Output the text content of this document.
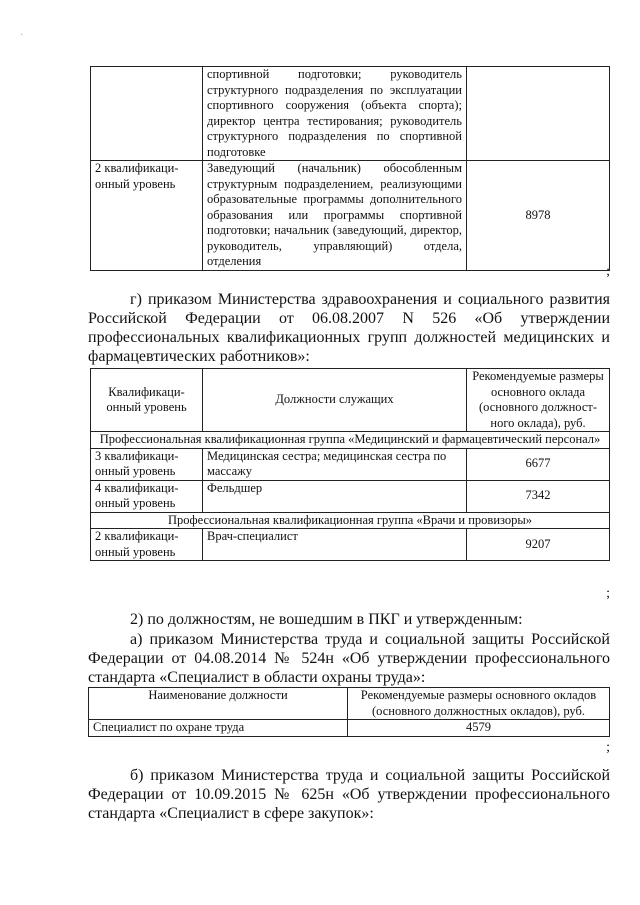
·
	спортивной подготовки; руководитель структурного подразделения по эксплуатации спортивного сооружения (объекта спорта); директор центра тестирования; руководитель структурного подразделения по спортивной подготовке	
2 квалификационный уровень	Заведующий (начальник) обособленным структурным подразделением, реализующими образовательные программы дополнительного образования или программы спортивной подготовки; начальник (заведующий, директор, руководитель, управляющий) отдела, отделения	8978
;
г) приказом Министерства здравоохранения и социального развития Российской Федерации от 06.08.2007 N 526 «Об утверждении профессиональных квалификационных групп должностей медицинских и фармацевтических работников»:
Квалификационный уровень	Должности служащих	Рекомендуемые размеры основного оклада (основного должностного оклада), руб.
Профессиональная квалификационная группа «Медицинский и фармацевтический персонал»		
3 квалификационный уровень	Медицинская сестра; медицинская сестра по массажу	6677
4 квалификационный уровень	Фельдшер	7342
Профессиональная квалификационная группа «Врачи и провизоры»		
2 квалификационный уровень	Врач-специалист	9207
;
2) по должностям, не вошедшим в ПКГ и утвержденным:
а) приказом Министерства труда и социальной защиты Российской Федерации от 04.08.2014 № 524н «Об утверждении профессионального стандарта «Специалист в области охраны труда»:
Наименование должности	Рекомендуемые размеры основного окладов (основного должностных окладов), руб.
Специалист по охране труда	4579
;
б) приказом Министерства труда и социальной защиты Российской Федерации от 10.09.2015 № 625н «Об утверждении профессионального стандарта «Специалист в сфере закупок»:
